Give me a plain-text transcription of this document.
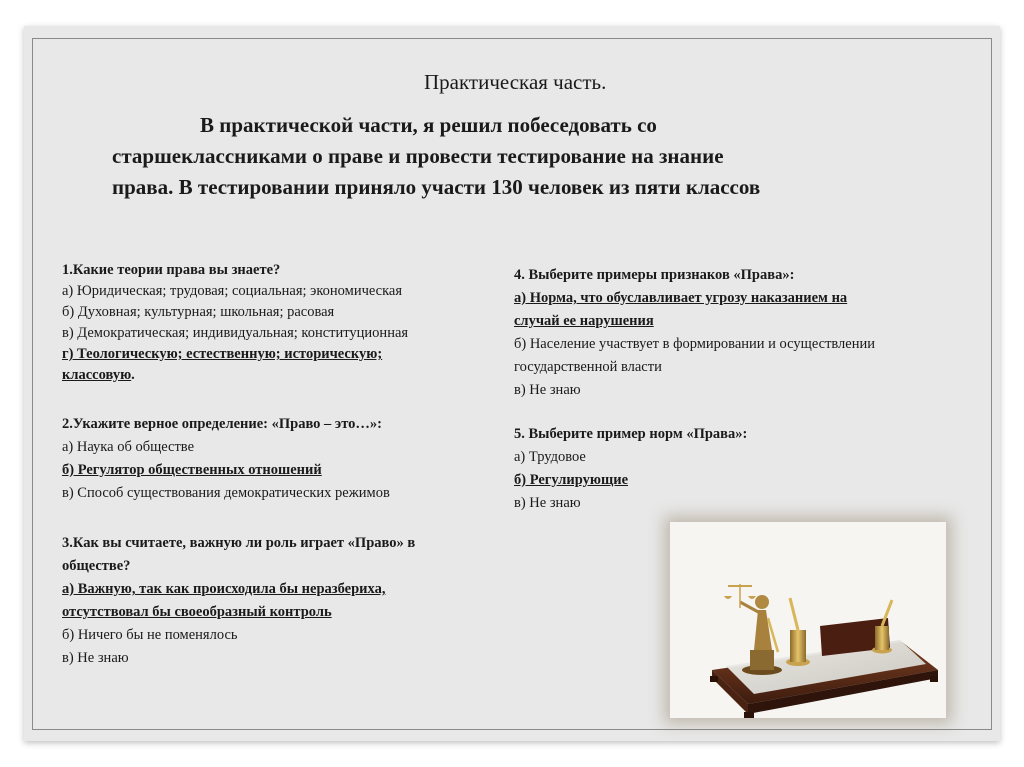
Практическая часть.
В практической части, я решил побеседовать со
старшеклассниками о праве и провести тестирование на знание
права. В тестировании приняло участи 130 человек из пяти классов
1.Какие теории права вы знаете?
а) Юридическая; трудовая; социальная; экономическая
б) Духовная; культурная; школьная; расовая
в) Демократическая; индивидуальная; конституционная
г) Теологическую; естественную; историческую;
классовую.
2.Укажите верное определение: «Право – это…»:
а) Наука об обществе
б) Регулятор общественных отношений
в) Способ существования демократических режимов
3.Как вы считаете, важную ли роль играет «Право» в
обществе?
а) Важную, так как происходила бы неразбериха,
отсутствовал бы своеобразный контроль
б) Ничего бы не поменялось
в) Не знаю
4. Выберите примеры признаков «Права»:
а) Норма, что обуславливает угрозу наказанием на
случай ее нарушения
б) Население участвует в формировании и осуществлении
государственной власти
в) Не знаю
5. Выберите пример норм «Права»:
а) Трудовое
б) Регулирующие
в) Не знаю
